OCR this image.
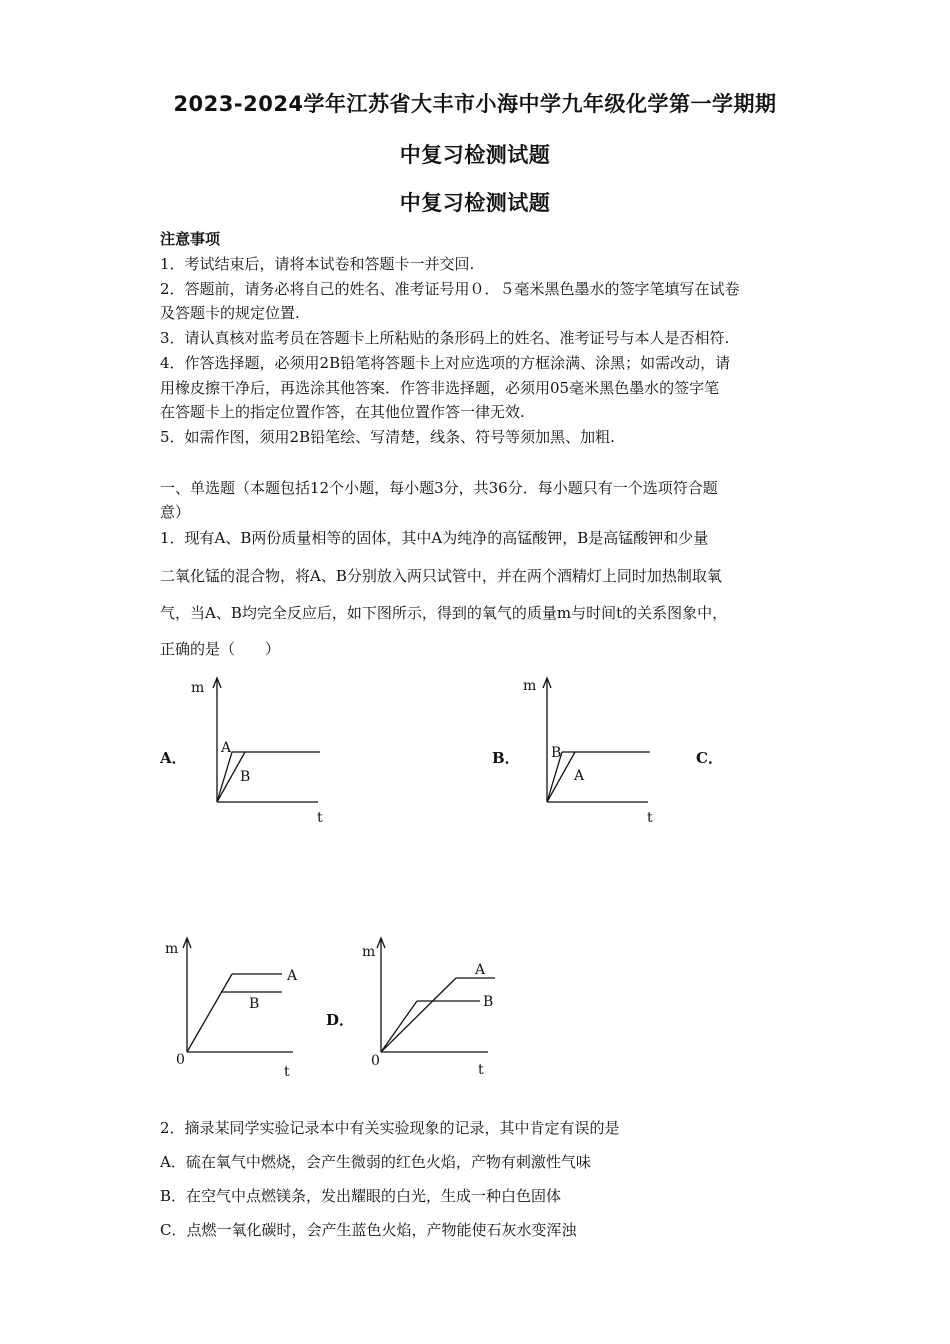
2023-2024学年江苏省大丰市小海中学九年级化学第一学期期
中复习检测试题
中复习检测试题
注意事项
1．考试结束后，请将本试卷和答题卡一并交回.
2．答题前，请务必将自己的姓名、准考证号用０．５毫米黑色墨水的签字笔填写在试卷
及答题卡的规定位置.
3．请认真核对监考员在答题卡上所粘贴的条形码上的姓名、准考证号与本人是否相符.
4．作答选择题，必须用2B铅笔将答题卡上对应选项的方框涂满、涂黑；如需改动，请
用橡皮擦干净后，再选涂其他答案．作答非选择题，必须用05毫米黑色墨水的签字笔
在答题卡上的指定位置作答，在其他位置作答一律无效.
5．如需作图，须用2B铅笔绘、写清楚，线条、符号等须加黑、加粗.
一、单选题（本题包括12个小题，每小题3分，共36分．每小题只有一个选项符合题
意）
1．现有A、B两份质量相等的固体，其中A为纯净的高锰酸钾，B是高锰酸钾和少量
二氧化锰的混合物，将A、B分别放入两只试管中，并在两个酒精灯上同时加热制取氧
气，当A、B均完全反应后，如下图所示，得到的氧气的质量m与时间t的关系图象中，
正确的是（　　）
A．	B．	C．
D．
m
t
A
B
m
t
B
A
m
0
t
A
B
m
0
t
A
B
2．摘录某同学实验记录本中有关实验现象的记录，其中肯定有误的是
A．硫在氧气中燃烧，会产生微弱的红色火焰，产物有刺激性气味
B．在空气中点燃镁条，发出耀眼的白光，生成一种白色固体
C．点燃一氧化碳时，会产生蓝色火焰，产物能使石灰水变浑浊
